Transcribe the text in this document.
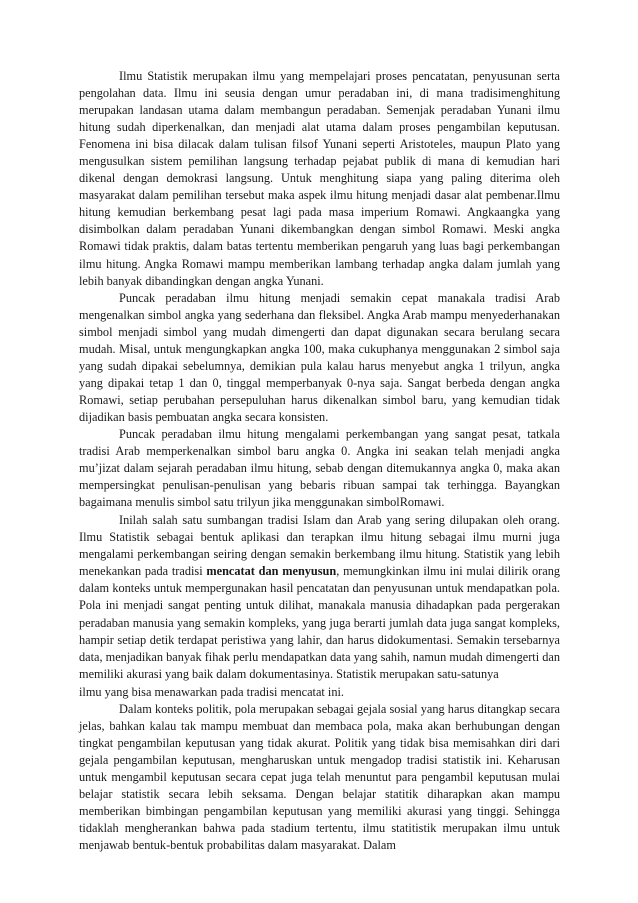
Ilmu Statistik merupakan ilmu yang mempelajari proses pencatatan, penyusunan serta pengolahan data. Ilmu ini seusia dengan umur peradaban ini, di mana tradisimenghitung merupakan landasan utama dalam membangun peradaban. Semenjak peradaban Yunani ilmu hitung sudah diperkenalkan, dan menjadi alat utama dalam proses pengambilan keputusan. Fenomena ini bisa dilacak dalam tulisan filsof Yunani seperti Aristoteles, maupun Plato yang mengusulkan sistem pemilihan langsung terhadap pejabat publik di mana di kemudian hari dikenal dengan demokrasi langsung. Untuk menghitung siapa yang paling diterima oleh masyarakat dalam pemilihan tersebut maka aspek ilmu hitung menjadi dasar alat pembenar.Ilmu hitung kemudian berkembang pesat lagi pada masa imperium Romawi. Angkaangka yang disimbolkan dalam peradaban Yunani dikembangkan dengan simbol Romawi. Meski angka Romawi tidak praktis, dalam batas tertentu memberikan pengaruh yang luas bagi perkembangan ilmu hitung. Angka Romawi mampu memberikan lambang terhadap angka dalam jumlah yang lebih banyak dibandingkan dengan angka Yunani.

Puncak peradaban ilmu hitung menjadi semakin cepat manakala tradisi Arab mengenalkan simbol angka yang sederhana dan fleksibel. Angka Arab mampu menyederhanakan simbol menjadi simbol yang mudah dimengerti dan dapat digunakan secara berulang secara mudah. Misal, untuk mengungkapkan angka 100, maka cukuphanya menggunakan 2 simbol saja yang sudah dipakai sebelumnya, demikian pula kalau harus menyebut angka 1 trilyun, angka yang dipakai tetap 1 dan 0, tinggal memperbanyak 0-nya saja. Sangat berbeda dengan angka Romawi, setiap perubahan persepuluhan harus dikenalkan simbol baru, yang kemudian tidak dijadikan basis pembuatan angka secara konsisten.

Puncak peradaban ilmu hitung mengalami perkembangan yang sangat pesat, tatkala tradisi Arab memperkenalkan simbol baru angka 0. Angka ini seakan telah menjadi angka mu’jizat dalam sejarah peradaban ilmu hitung, sebab dengan ditemukannya angka 0, maka akan mempersingkat penulisan-penulisan yang bebaris ribuan sampai tak terhingga. Bayangkan bagaimana menulis simbol satu trilyun jika menggunakan simbolRomawi.

Inilah salah satu sumbangan tradisi Islam dan Arab yang sering dilupakan oleh orang. Ilmu Statistik sebagai bentuk aplikasi dan terapkan ilmu hitung sebagai ilmu murni juga mengalami perkembangan seiring dengan semakin berkembang ilmu hitung. Statistik yang lebih menekankan pada tradisi mencatat dan menyusun, memungkinkan ilmu ini mulai dilirik orang dalam konteks untuk mempergunakan hasil pencatatan dan penyusunan untuk mendapatkan pola. Pola ini menjadi sangat penting untuk dilihat, manakala manusia dihadapkan pada pergerakan peradaban manusia yang semakin kompleks, yang juga berarti jumlah data juga sangat kompleks, hampir setiap detik terdapat peristiwa yang lahir, dan harus didokumentasi. Semakin tersebarnya data, menjadikan banyak fihak perlu mendapatkan data yang sahih, namun mudah dimengerti dan memiliki akurasi yang baik dalam dokumentasinya. Statistik merupakan satu-satunya

ilmu yang bisa menawarkan pada tradisi mencatat ini.

Dalam konteks politik, pola merupakan sebagai gejala sosial yang harus ditangkap secara jelas, bahkan kalau tak mampu membuat dan membaca pola, maka akan berhubungan dengan tingkat pengambilan keputusan yang tidak akurat. Politik yang tidak bisa memisahkan diri dari gejala pengambilan keputusan, mengharuskan untuk mengadop tradisi statistik ini. Keharusan untuk mengambil keputusan secara cepat juga telah menuntut para pengambil keputusan mulai belajar statistik secara lebih seksama. Dengan belajar statitik diharapkan akan mampu memberikan bimbingan pengambilan keputusan yang memiliki akurasi yang tinggi. Sehingga tidaklah mengherankan bahwa pada stadium tertentu, ilmu statitistik merupakan ilmu untuk menjawab bentuk-bentuk probabilitas dalam masyarakat. Dalam
